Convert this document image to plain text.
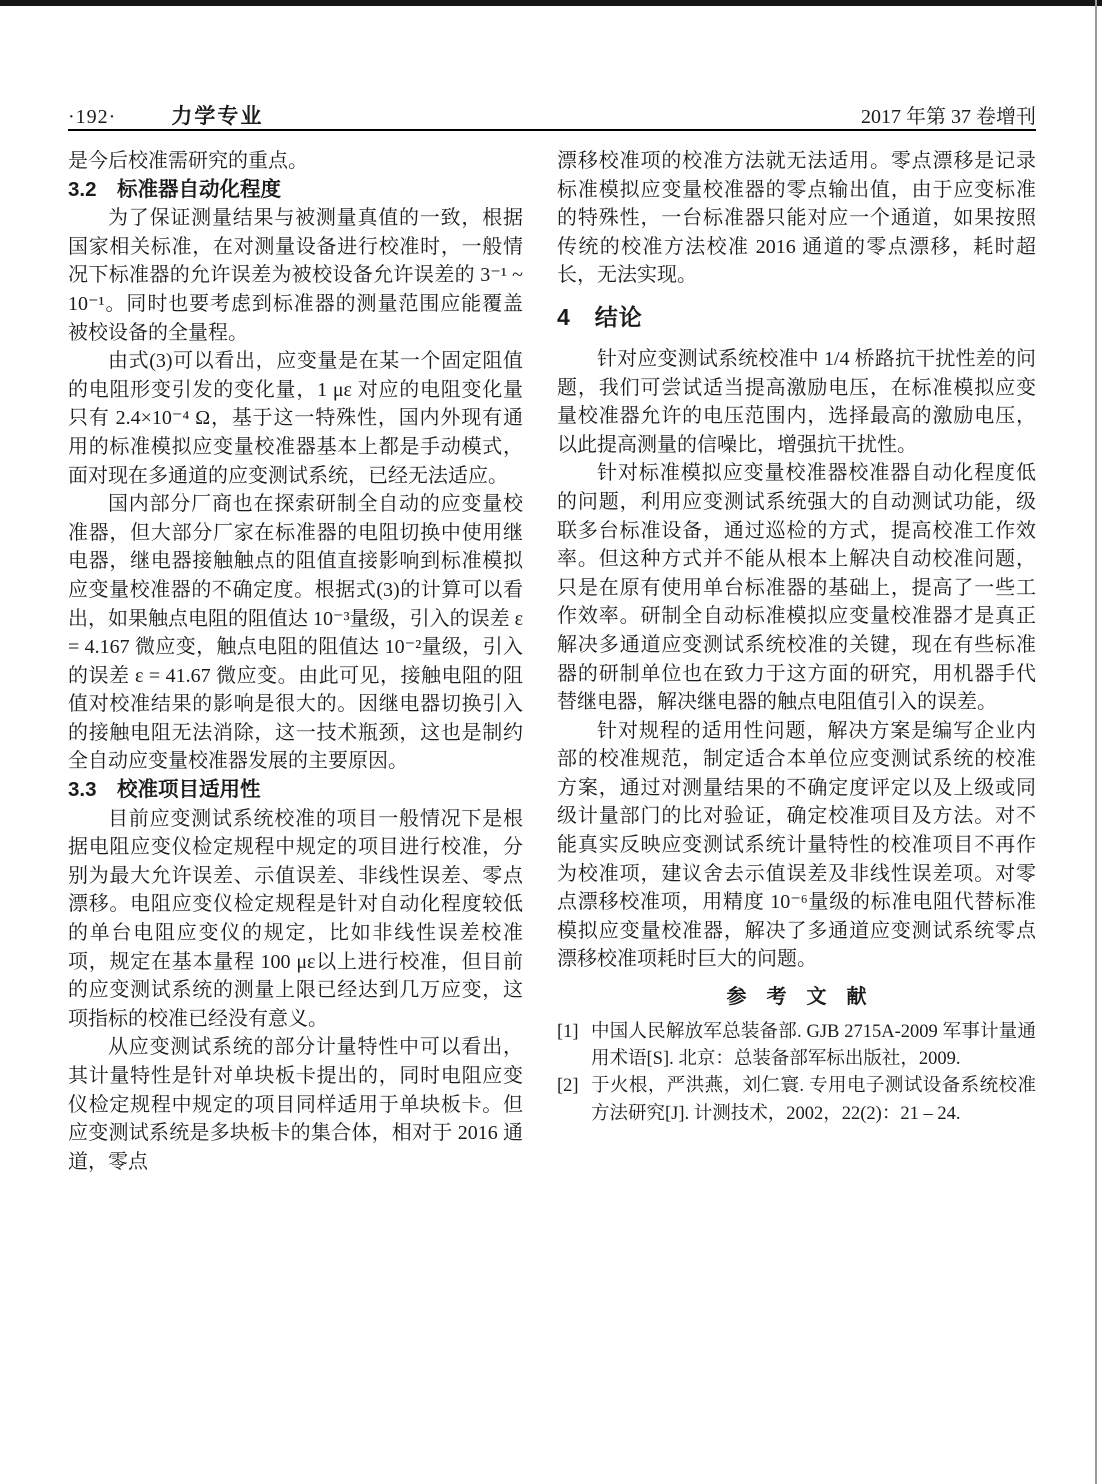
·192·	力学专业	2017 年第 37 卷增刊

是今后校准需研究的重点。

3.2　标准器自动化程度

为了保证测量结果与被测量真值的一致，根据国家相关标准，在对测量设备进行校准时，一般情况下标准器的允许误差为被校设备允许误差的 3⁻¹ ~ 10⁻¹。同时也要考虑到标准器的测量范围应能覆盖被校设备的全量程。

由式(3)可以看出，应变量是在某一个固定阻值的电阻形变引发的变化量，1 με 对应的电阻变化量只有 2.4×10⁻⁴ Ω，基于这一特殊性，国内外现有通用的标准模拟应变量校准器基本上都是手动模式，面对现在多通道的应变测试系统，已经无法适应。

国内部分厂商也在探索研制全自动的应变量校准器，但大部分厂家在标准器的电阻切换中使用继电器，继电器接触触点的阻值直接影响到标准模拟应变量校准器的不确定度。根据式(3)的计算可以看出，如果触点电阻的阻值达 10⁻³量级，引入的误差 ε = 4.167 微应变，触点电阻的阻值达 10⁻²量级，引入的误差 ε = 41.67 微应变。由此可见，接触电阻的阻值对校准结果的影响是很大的。因继电器切换引入的接触电阻无法消除，这一技术瓶颈，这也是制约全自动应变量校准器发展的主要原因。

3.3　校准项目适用性

目前应变测试系统校准的项目一般情况下是根据电阻应变仪检定规程中规定的项目进行校准，分别为最大允许误差、示值误差、非线性误差、零点漂移。电阻应变仪检定规程是针对自动化程度较低的单台电阻应变仪的规定，比如非线性误差校准项，规定在基本量程 100 με以上进行校准，但目前的应变测试系统的测量上限已经达到几万应变，这项指标的校准已经没有意义。

从应变测试系统的部分计量特性中可以看出，其计量特性是针对单块板卡提出的，同时电阻应变仪检定规程中规定的项目同样适用于单块板卡。但应变测试系统是多块板卡的集合体，相对于 2016 通道，零点

漂移校准项的校准方法就无法适用。零点漂移是记录标准模拟应变量校准器的零点输出值，由于应变标准的特殊性，一台标准器只能对应一个通道，如果按照传统的校准方法校准 2016 通道的零点漂移，耗时超长，无法实现。

4　结论

针对应变测试系统校准中 1/4 桥路抗干扰性差的问题，我们可尝试适当提高激励电压，在标准模拟应变量校准器允许的电压范围内，选择最高的激励电压，以此提高测量的信噪比，增强抗干扰性。

针对标准模拟应变量校准器校准器自动化程度低的问题，利用应变测试系统强大的自动测试功能，级联多台标准设备，通过巡检的方式，提高校准工作效率。但这种方式并不能从根本上解决自动校准问题，只是在原有使用单台标准器的基础上，提高了一些工作效率。研制全自动标准模拟应变量校准器才是真正解决多通道应变测试系统校准的关键，现在有些标准器的研制单位也在致力于这方面的研究，用机器手代替继电器，解决继电器的触点电阻值引入的误差。

针对规程的适用性问题，解决方案是编写企业内部的校准规范，制定适合本单位应变测试系统的校准方案，通过对测量结果的不确定度评定以及上级或同级计量部门的比对验证，确定校准项目及方法。对不能真实反映应变测试系统计量特性的校准项目不再作为校准项，建议舍去示值误差及非线性误差项。对零点漂移校准项，用精度 10⁻⁶量级的标准电阻代替标准模拟应变量校准器，解决了多通道应变测试系统零点漂移校准项耗时巨大的问题。

参　考　文　献
[1] 中国人民解放军总装备部. GJB 2715A-2009 军事计量通用术语[S]. 北京：总装备部军标出版社，2009.
[2] 于火根，严洪燕，刘仁寰. 专用电子测试设备系统校准方法研究[J]. 计测技术，2002，22(2)：21 – 24.
